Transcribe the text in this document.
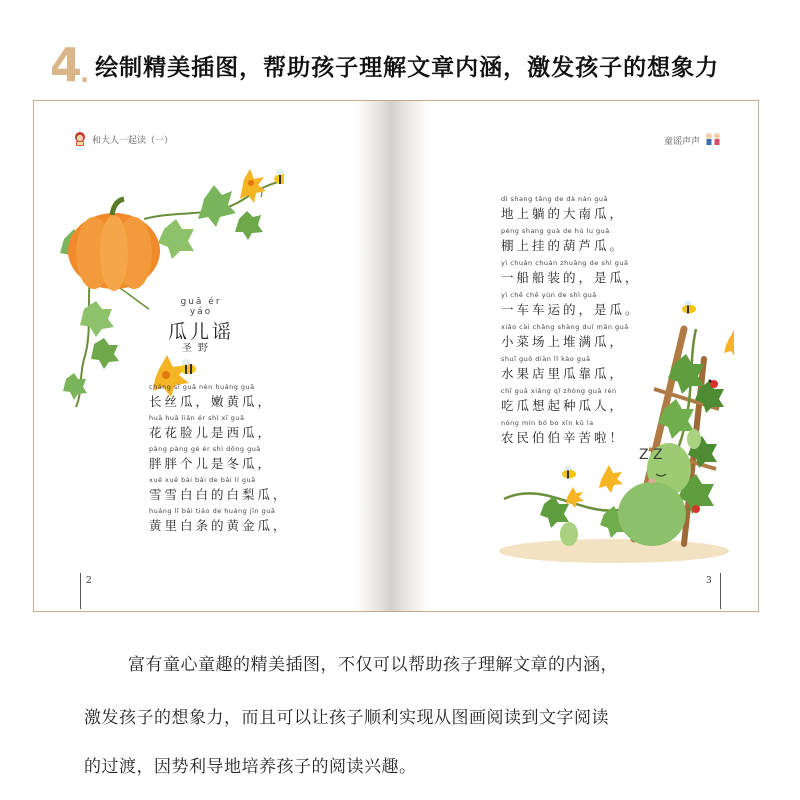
4 . 绘制精美插图，帮助孩子理解文章内涵，激发孩子的想象力
和大人一起读（一）
guā ér yáo
瓜儿谣
圣野
cháng sī guā nèn huáng guā
长丝瓜，嫩黄瓜，
huā huā liǎn ér shì xī guā
花花脸儿是西瓜，
pàng pàng gè ér shì dōng guā
胖胖个儿是冬瓜，
xuě xuě bái bái de bái lí guā
雪雪白白的白梨瓜，
huáng lǐ bái tiáo de huáng jīn guā
黄里白条的黄金瓜，
2
童谣声声
dì shang tǎng de dà nán guā
地上躺的大南瓜，
péng shang guà de hú lu guā
棚上挂的葫芦瓜。
yì chuán chuán zhuāng de shì guā
一船船装的，是瓜，
yì chē chē yùn de shì guā
一车车运的，是瓜。
xiǎo cài chǎng shàng duī mǎn guā
小菜场上堆满瓜，
shuǐ guǒ diàn lǐ kào guā
水果店里瓜靠瓜，
chī guā xiǎng qǐ zhòng guā rén
吃瓜想起种瓜人，
nóng mín bó bo xīn kǔ la
农民伯伯辛苦啦！
Z Z
3
富有童心童趣的精美插图，不仅可以帮助孩子理解文章的内涵，
激发孩子的想象力，而且可以让孩子顺利实现从图画阅读到文字阅读
的过渡，因势利导地培养孩子的阅读兴趣。
